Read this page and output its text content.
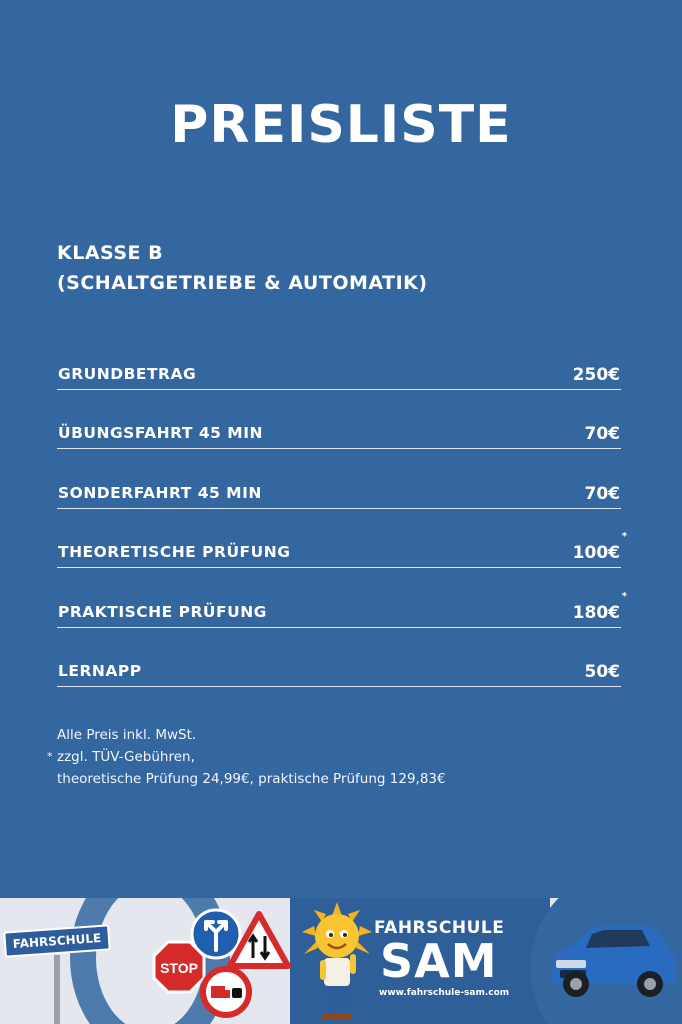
PREISLISTE
KLASSE B
(SCHALTGETRIEBE & AUTOMATIK)
GRUNDBETRAG	250€
ÜBUNGSFAHRT 45 MIN	70€
SONDERFAHRT 45 MIN	70€
THEORETISCHE PRÜFUNG	100€
*
PRAKTISCHE PRÜFUNG	180€
*
LERNAPP	50€
Alle Preis inkl. MwSt.
* zzgl. TÜV-Gebühren,
theoretische Prüfung 24,99€, praktische Prüfung 129,83€
FAHRSCHULE
STOP
FAHRSCHULE
SAM
www.fahrschule-sam.com
